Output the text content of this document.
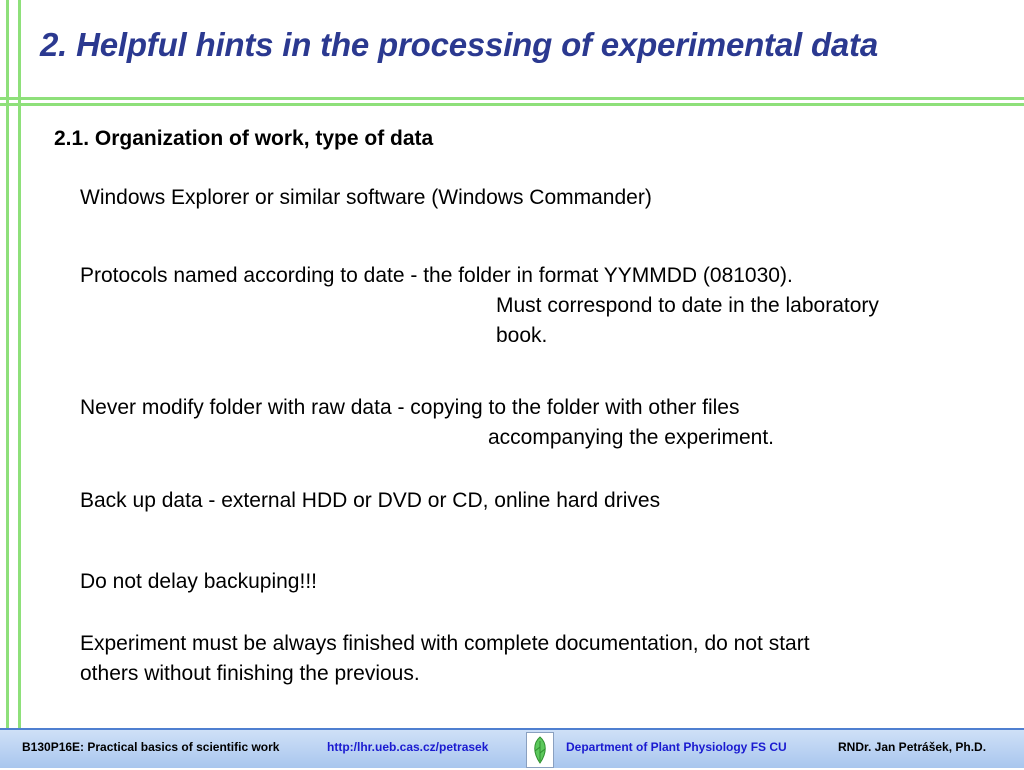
2. Helpful hints in the processing of experimental data
2.1. Organization of work, type of data

Windows Explorer or similar software (Windows Commander)

Protocols named according to date - the folder in format YYMMDD (081030).
Must correspond to date in the laboratory
book.
Never modify folder with raw data - copying to the folder with other files
accompanying the experiment.

Back up data - external HDD or DVD or CD, online hard drives

Do not delay backuping!!!

Experiment must be always finished with complete documentation, do not start
others without finishing the previous.
B130P16E: Practical basics of scientific work	http:/lhr.ueb.cas.cz/petrasek	Department of Plant Physiology FS CU	RNDr. Jan Petrášek, Ph.D.
